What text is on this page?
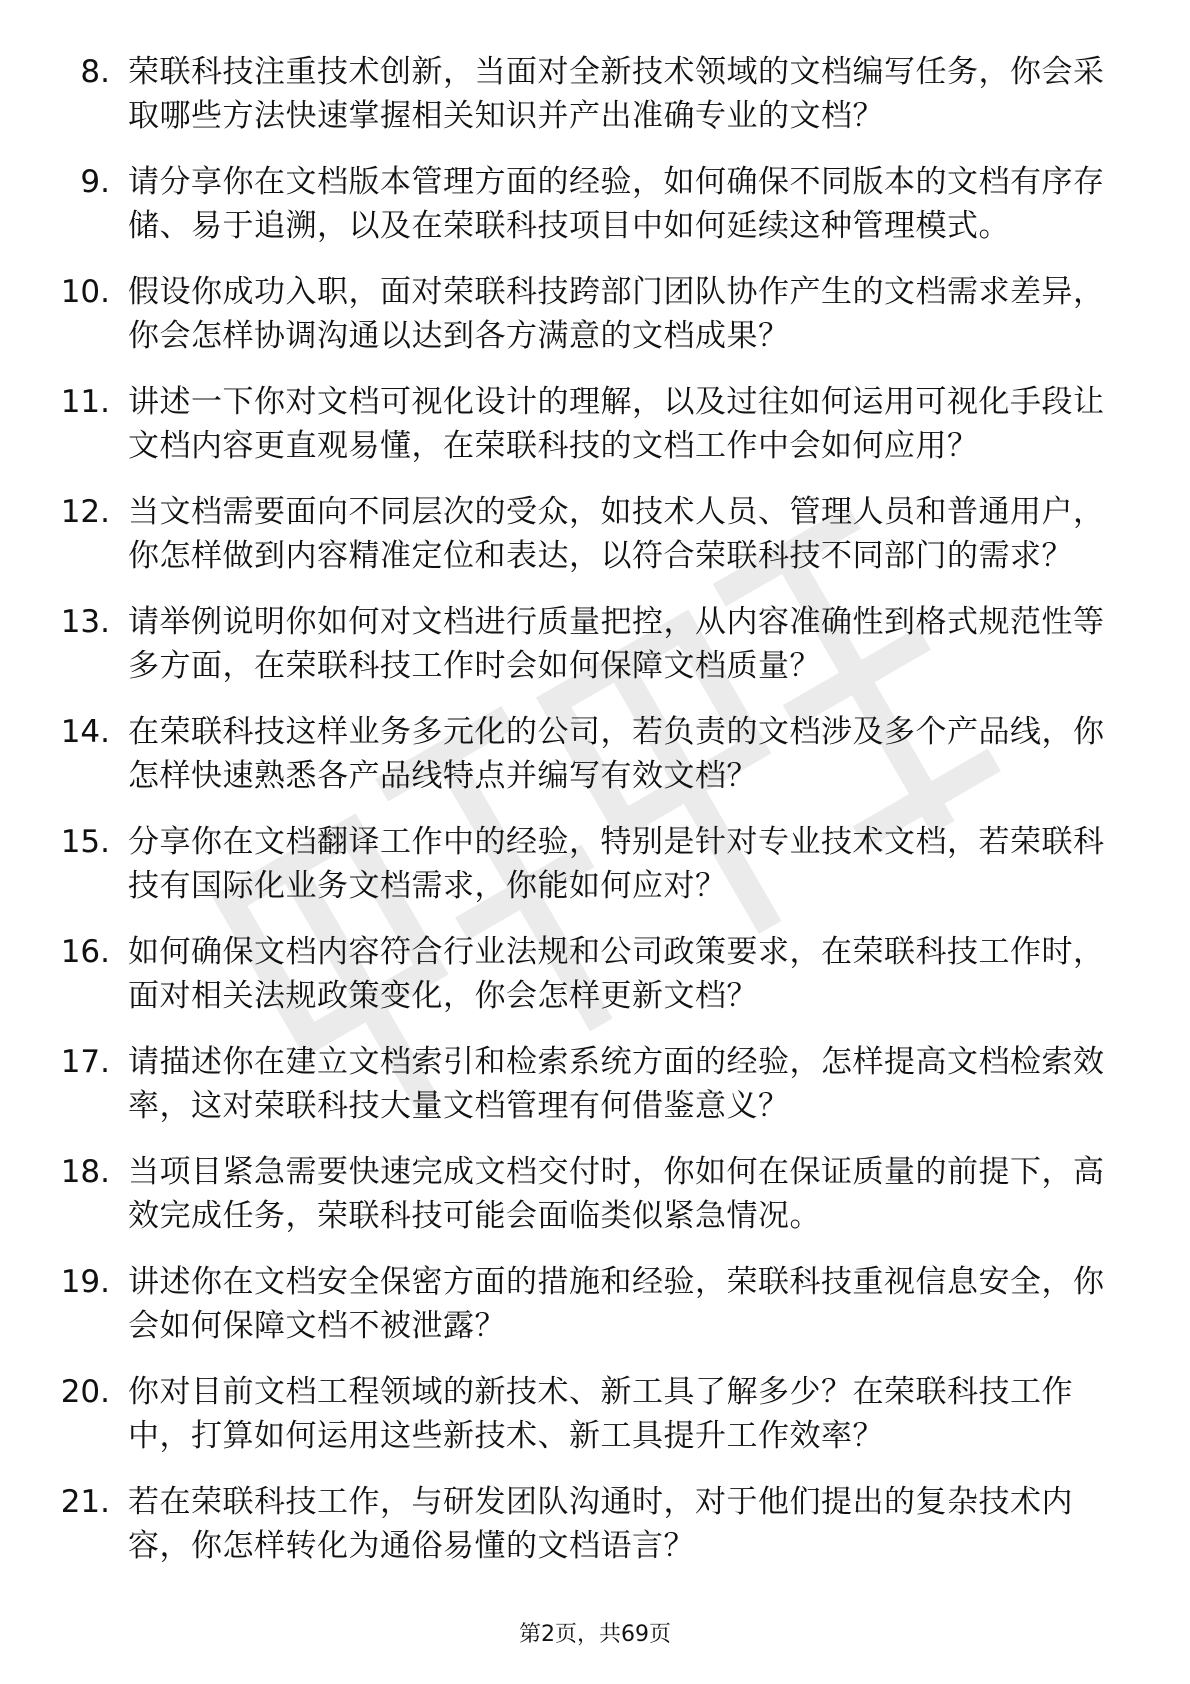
8. 荣联科技注重技术创新，当面对全新技术领域的文档编写任务，你会采取哪些方法快速掌握相关知识并产出准确专业的文档？
9. 请分享你在文档版本管理方面的经验，如何确保不同版本的文档有序存储、易于追溯，以及在荣联科技项目中如何延续这种管理模式。
10. 假设你成功入职，面对荣联科技跨部门团队协作产生的文档需求差异，你会怎样协调沟通以达到各方满意的文档成果？
11. 讲述一下你对文档可视化设计的理解，以及过往如何运用可视化手段让文档内容更直观易懂，在荣联科技的文档工作中会如何应用？
12. 当文档需要面向不同层次的受众，如技术人员、管理人员和普通用户，你怎样做到内容精准定位和表达，以符合荣联科技不同部门的需求？
13. 请举例说明你如何对文档进行质量把控，从内容准确性到格式规范性等多方面，在荣联科技工作时会如何保障文档质量？
14. 在荣联科技这样业务多元化的公司，若负责的文档涉及多个产品线，你怎样快速熟悉各产品线特点并编写有效文档？
15. 分享你在文档翻译工作中的经验，特别是针对专业技术文档，若荣联科技有国际化业务文档需求，你能如何应对？
16. 如何确保文档内容符合行业法规和公司政策要求，在荣联科技工作时，面对相关法规政策变化，你会怎样更新文档？
17. 请描述你在建立文档索引和检索系统方面的经验，怎样提高文档检索效率，这对荣联科技大量文档管理有何借鉴意义？
18. 当项目紧急需要快速完成文档交付时，你如何在保证质量的前提下，高效完成任务，荣联科技可能会面临类似紧急情况。
19. 讲述你在文档安全保密方面的措施和经验，荣联科技重视信息安全，你会如何保障文档不被泄露？
20. 你对目前文档工程领域的新技术、新工具了解多少？在荣联科技工作中，打算如何运用这些新技术、新工具提升工作效率？
21. 若在荣联科技工作，与研发团队沟通时，对于他们提出的复杂技术内容，你怎样转化为通俗易懂的文档语言？
第2页，共69页
